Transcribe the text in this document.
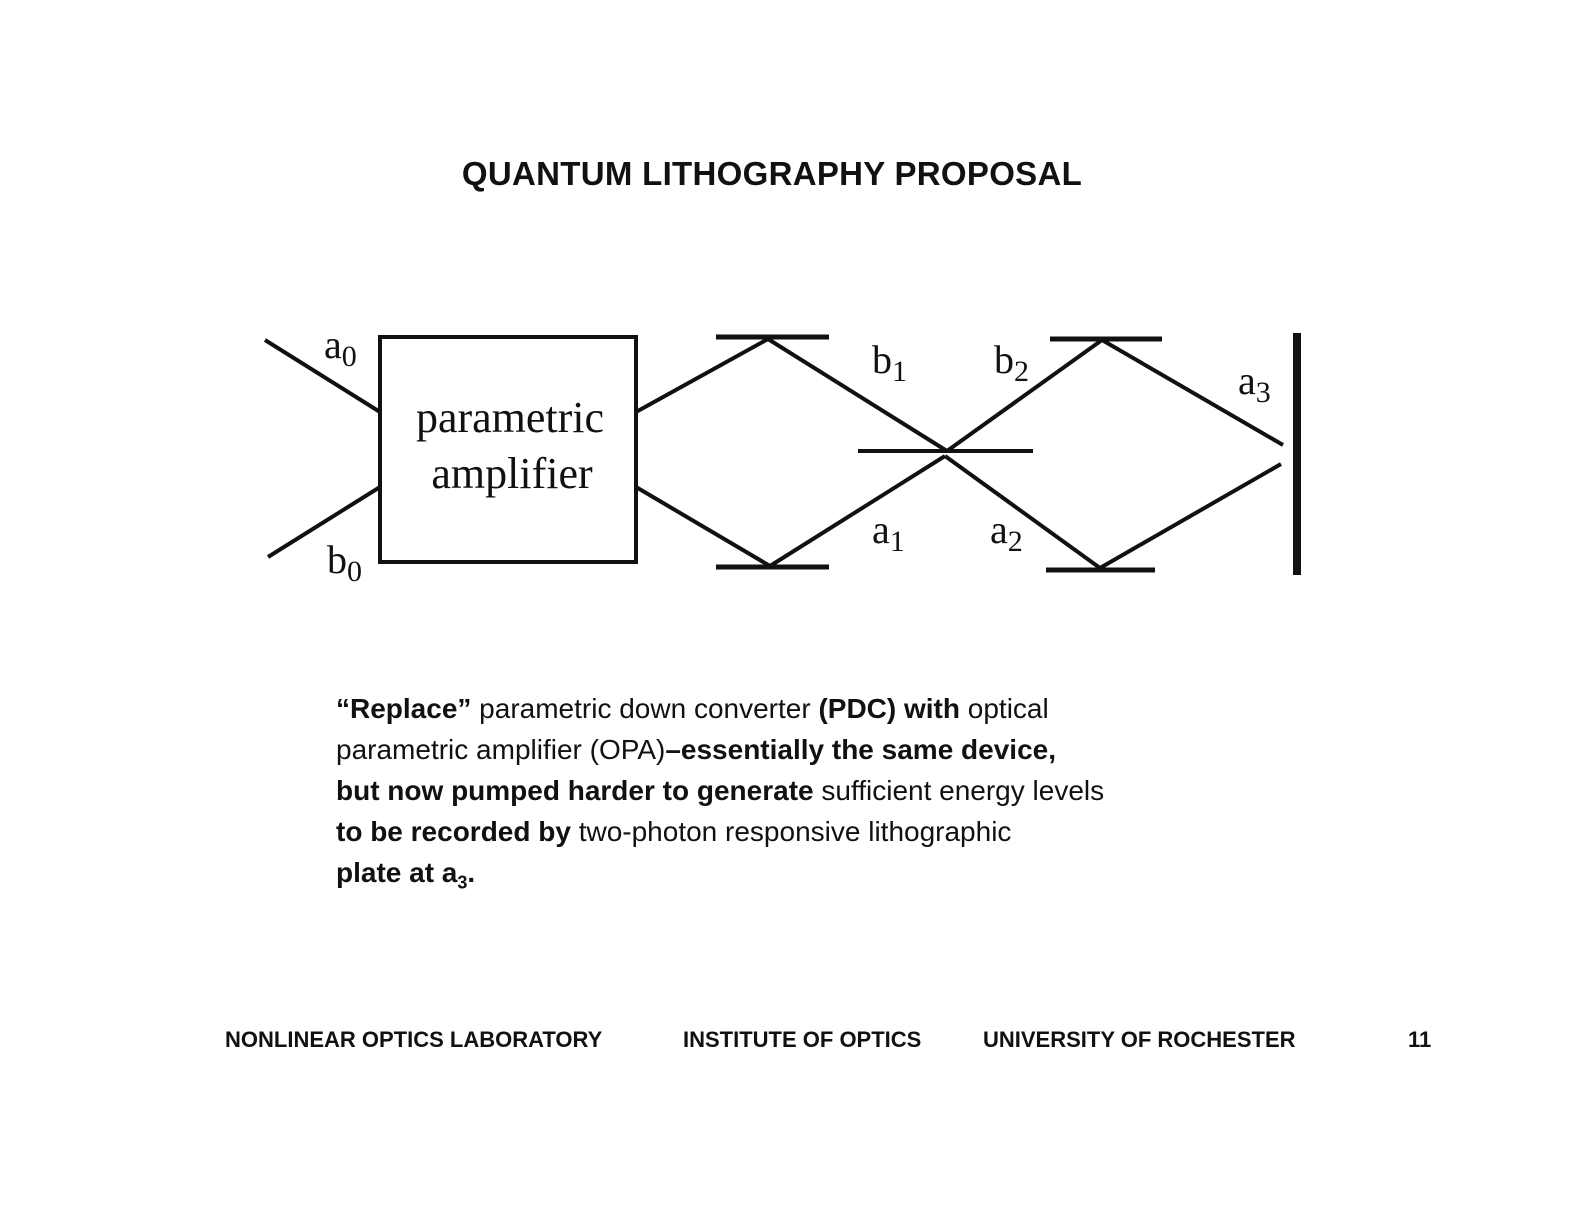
QUANTUM LITHOGRAPHY PROPOSAL
parametric
amplifier
$a_0$
$b_0$
$b_1$ $b_2$
$a_1$ $a_2$
$a_3$
“Replace” parametric down converter (PDC) with optical
parametric amplifier (OPA)–essentially the same device,
but now pumped harder to generate sufficient energy levels
to be recorded by two-photon responsive lithographic
plate at $a_3$.
NONLINEAR OPTICS LABORATORY	INSTITUTE OF OPTICS	UNIVERSITY OF ROCHESTER	11
